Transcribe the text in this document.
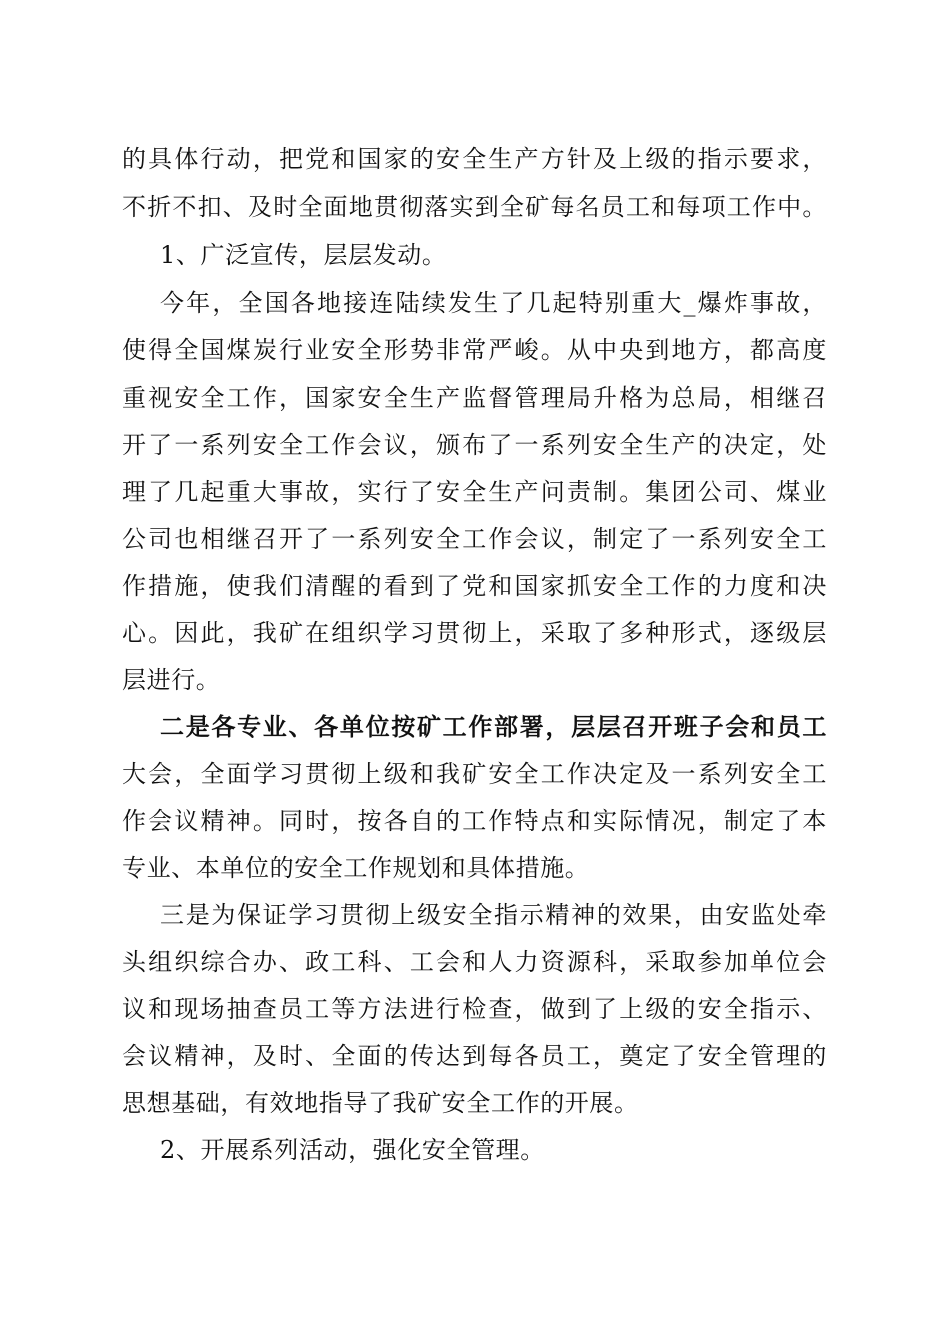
的具体行动，把党和国家的安全生产方针及上级的指示要求，
不折不扣、及时全面地贯彻落实到全矿每名员工和每项工作中。
1、广泛宣传，层层发动。
今年，全国各地接连陆续发生了几起特别重大_爆炸事故，
使得全国煤炭行业安全形势非常严峻。从中央到地方，都高度
重视安全工作，国家安全生产监督管理局升格为总局，相继召
开了一系列安全工作会议，颁布了一系列安全生产的决定，处
理了几起重大事故，实行了安全生产问责制。集团公司、煤业
公司也相继召开了一系列安全工作会议，制定了一系列安全工
作措施，使我们清醒的看到了党和国家抓安全工作的力度和决
心。因此，我矿在组织学习贯彻上，采取了多种形式，逐级层
层进行。
二是各专业、各单位按矿工作部署，层层召开班子会和员工
大会，全面学习贯彻上级和我矿安全工作决定及一系列安全工
作会议精神。同时，按各自的工作特点和实际情况，制定了本
专业、本单位的安全工作规划和具体措施。
三是为保证学习贯彻上级安全指示精神的效果，由安监处牵
头组织综合办、政工科、工会和人力资源科，采取参加单位会
议和现场抽查员工等方法进行检查，做到了上级的安全指示、
会议精神，及时、全面的传达到每各员工，奠定了安全管理的
思想基础，有效地指导了我矿安全工作的开展。
2、开展系列活动，强化安全管理。
